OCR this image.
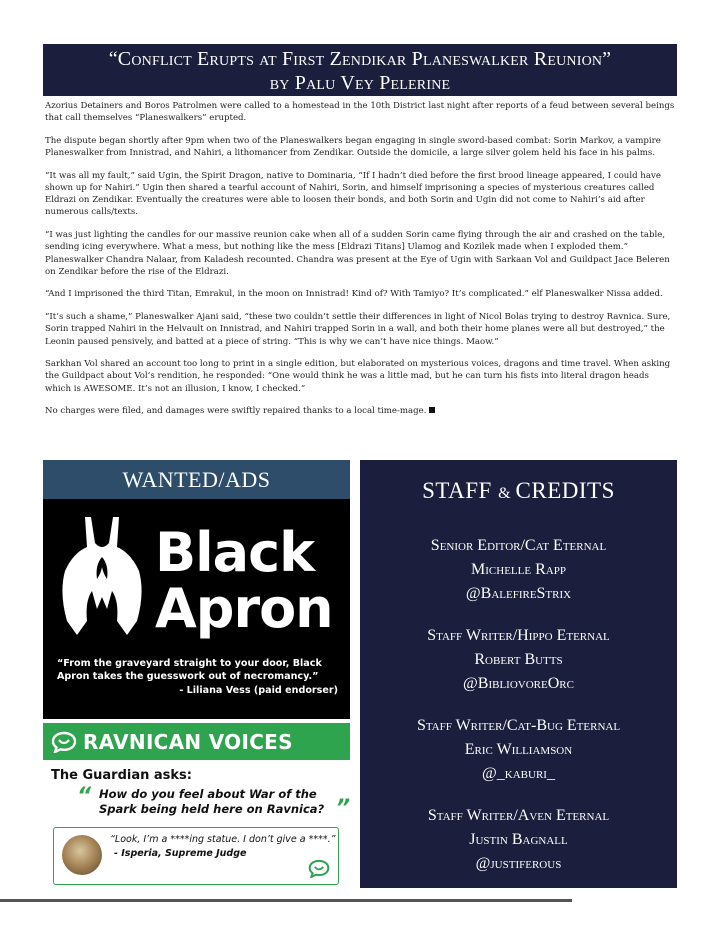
“Conflict Erupts at First Zendikar Planeswalker Reunion”
by Palu Vey Pelerine

Azorius Detainers and Boros Patrolmen were called to a homestead in the 10th District last night after reports of a feud between several beings that call themselves “Planeswalkers” erupted.

The dispute began shortly after 9pm when two of the Planeswalkers began engaging in single sword-based combat: Sorin Markov, a vampire Planeswalker from Innistrad, and Nahiri, a lithomancer from Zendikar. Outside the domicile, a large silver golem held his face in his palms.

“It was all my fault,” said Ugin, the Spirit Dragon, native to Dominaria, “If I hadn’t died before the first brood lineage appeared, I could have shown up for Nahiri.” Ugin then shared a tearful account of Nahiri, Sorin, and himself imprisoning a species of mysterious creatures called Eldrazi on Zendikar. Eventually the creatures were able to loosen their bonds, and both Sorin and Ugin did not come to Nahiri’s aid after numerous calls/texts.

“I was just lighting the candles for our massive reunion cake when all of a sudden Sorin came flying through the air and crashed on the table, sending icing everywhere. What a mess, but nothing like the mess [Eldrazi Titans] Ulamog and Kozilek made when I exploded them.” Planeswalker Chandra Nalaar, from Kaladesh recounted. Chandra was present at the Eye of Ugin with Sarkaan Vol and Guildpact Jace Beleren on Zendikar before the rise of the Eldrazi.

“And I imprisoned the third Titan, Emrakul, in the moon on Innistrad! Kind of? With Tamiyo? It’s complicated.” elf Planeswalker Nissa added.

“It’s such a shame,” Planeswalker Ajani said, “these two couldn’t settle their differences in light of Nicol Bolas trying to destroy Ravnica. Sure, Sorin trapped Nahiri in the Helvault on Innistrad, and Nahiri trapped Sorin in a wall, and both their home planes were all but destroyed,” the Leonin paused pensively, and batted at a piece of string. “This is why we can’t have nice things. Maow.”

Sarkhan Vol shared an account too long to print in a single edition, but elaborated on mysterious voices, dragons and time travel. When asking the Guildpact about Vol’s rendition, he responded: “One would think he was a little mad, but he can turn his fists into literal dragon heads which is AWESOME. It’s not an illusion, I know, I checked.”

No charges were filed, and damages were swiftly repaired thanks to a local time-mage.

WANTED/ADS
Black
Apron
“From the graveyard straight to your door, Black Apron takes the guesswork out of necromancy.”
- Liliana Vess (paid endorser)
RAVNICAN VOICES
The Guardian asks:
“ How do you feel about War of the Spark being held here on Ravnica? ”
“Look, I’m a ****ing statue. I don’t give a ****.”
- Isperia, Supreme Judge
STAFF & CREDITS
Senior Editor/Cat Eternal
Michelle Rapp
@BalefireStrix
Staff Writer/Hippo Eternal
Robert Butts
@BibliovoreOrc
Staff Writer/Cat-Bug Eternal
Eric Williamson
@_kaburi_
Staff Writer/Aven Eternal
Justin Bagnall
@justiferous
